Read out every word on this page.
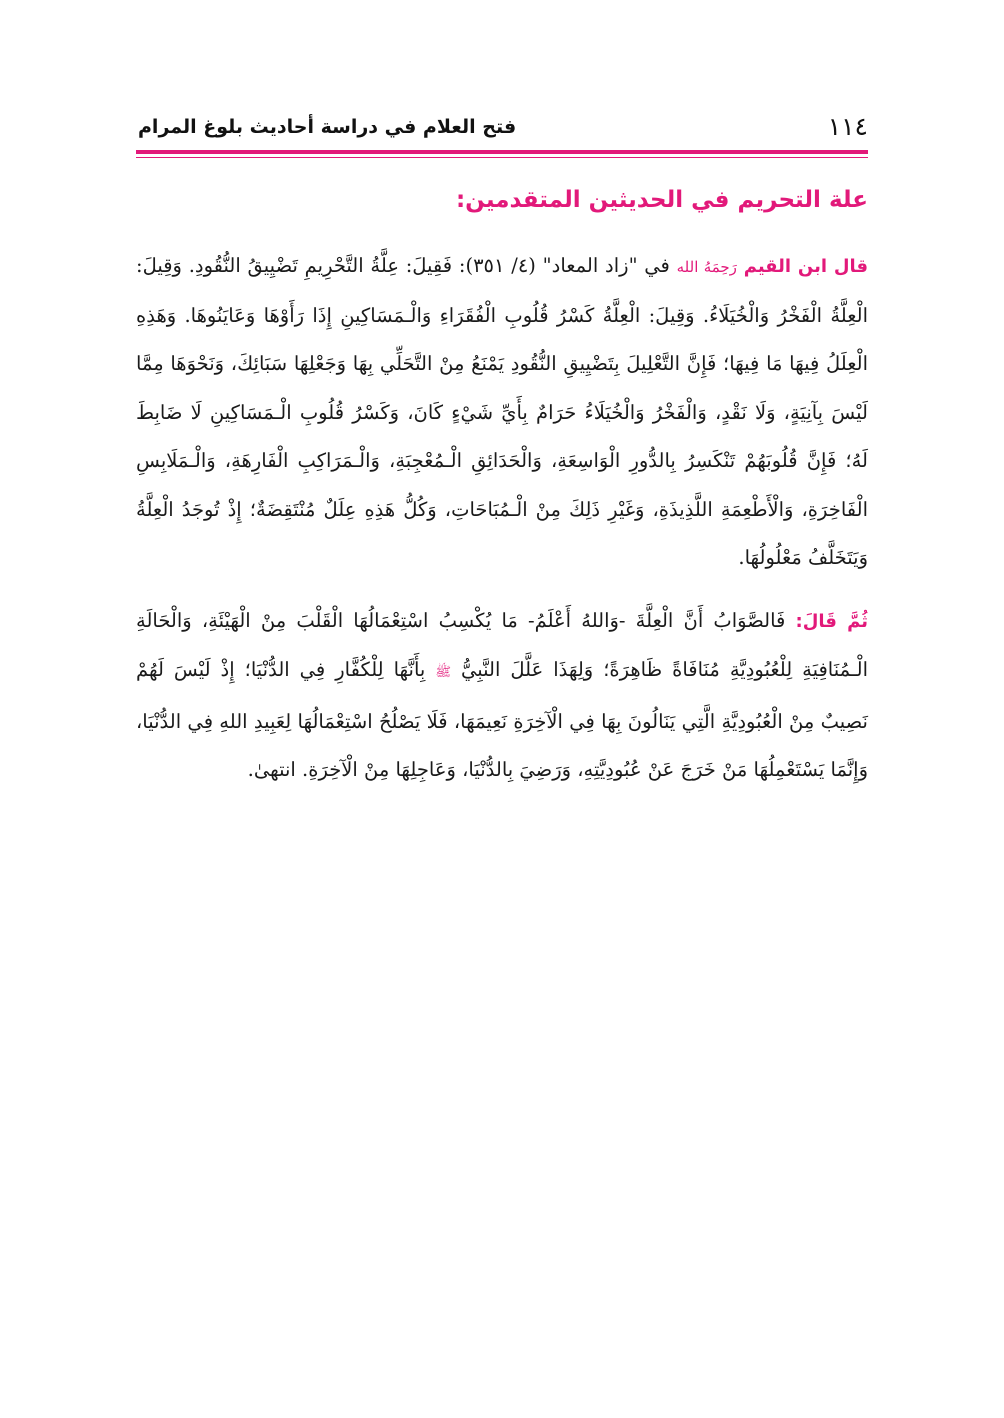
١١٤
فتح العلام في دراسة أحاديث بلوغ المرام
علة التحريم في الحديثين المتقدمين:

قال ابن القيم رَحِمَهُ الله في "زاد المعاد" (٤/ ٣٥١): فَقِيلَ: عِلَّةُ التَّحْرِيمِ تَضْيِيقُ النُّقُودِ. وَقِيلَ: الْعِلَّةُ الْفَخْرُ وَالْخُيَلَاءُ. وَقِيلَ: الْعِلَّةُ كَسْرُ قُلُوبِ الْفُقَرَاءِ وَالْـمَسَاكِينِ إِذَا رَأَوْهَا وَعَايَنُوهَا. وَهَذِهِ الْعِلَلُ فِيهَا مَا فِيهَا؛ فَإِنَّ التَّعْلِيلَ بِتَضْيِيقِ النُّقُودِ يَمْنَعُ مِنْ التَّحَلِّي بِهَا وَجَعْلِهَا سَبَائِكَ، وَنَحْوَهَا مِمَّا لَيْسَ بِآنِيَةٍ، وَلَا نَقْدٍ، وَالْفَخْرُ وَالْخُيَلَاءُ حَرَامٌ بِأَيِّ شَيْءٍ كَانَ، وَكَسْرُ قُلُوبِ الْـمَسَاكِينِ لَا ضَابِطَ لَهُ؛ فَإِنَّ قُلُوبَهُمْ تَنْكَسِرُ بِالدُّورِ الْوَاسِعَةِ، وَالْحَدَائِقِ الْـمُعْجِبَةِ، وَالْـمَرَاكِبِ الْفَارِهَةِ، وَالْـمَلَابِسِ الْفَاخِرَةِ، وَالْأَطْعِمَةِ اللَّذِيذَةِ، وَغَيْرِ ذَلِكَ مِنْ الْـمُبَاحَاتِ، وَكُلُّ هَذِهِ عِلَلٌ مُنْتَقِضَةٌ؛ إِذْ تُوجَدُ الْعِلَّةُ وَيَتَخَلَّفُ مَعْلُولُهَا.

ثُمَّ قَالَ: فَالصَّوَابُ أَنَّ الْعِلَّةَ -وَاللهُ أَعْلَمُ- مَا يُكْسِبُ اسْتِعْمَالُهَا الْقَلْبَ مِنْ الْهَيْئَةِ، وَالْحَالَةِ الْـمُنَافِيَةِ لِلْعُبُودِيَّةِ مُنَافَاةً ظَاهِرَةً؛ وَلِهَذَا عَلَّلَ النَّبِيُّ ﷺ بِأَنَّهَا لِلْكُفَّارِ فِي الدُّنْيَا؛ إِذْ لَيْسَ لَهُمْ نَصِيبٌ مِنْ الْعُبُودِيَّةِ الَّتِي يَنَالُونَ بِهَا فِي الْآخِرَةِ نَعِيمَهَا، فَلَا يَصْلُحُ اسْتِعْمَالُهَا لِعَبِيدِ اللهِ فِي الدُّنْيَا، وَإِنَّمَا يَسْتَعْمِلُهَا مَنْ خَرَجَ عَنْ عُبُودِيَّتِهِ، وَرَضِيَ بِالدُّنْيَا، وَعَاجِلِهَا مِنْ الْآخِرَةِ. انتهىٰ.
